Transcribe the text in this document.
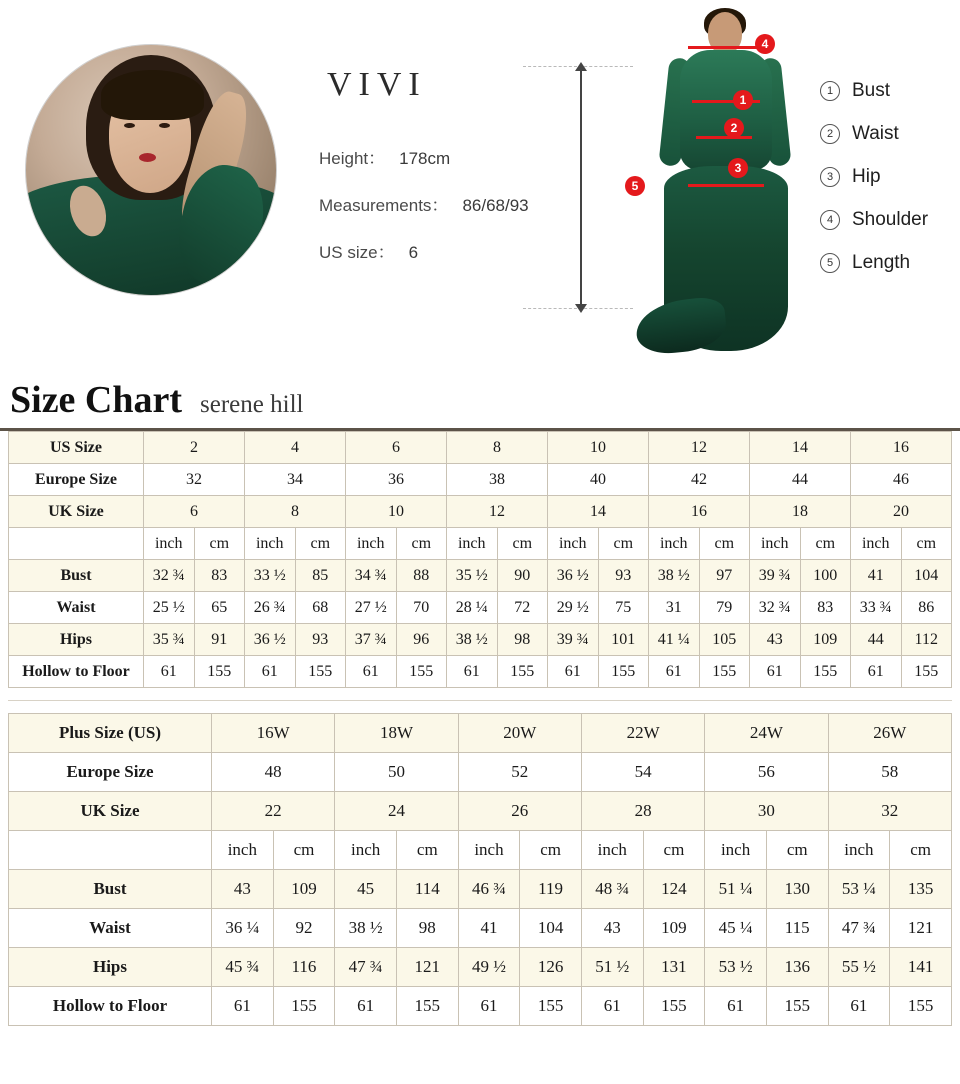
VIVI
Height： 178cm
Measurements： 86/68/93
US size： 6
1
2
3
4
5
1 Bust
2 Waist
3 Hip
4 Shoulder
5 Length
Size Chart serene hill
US Size	2		4		6		8		10		12		14		16	
Europe Size	32		34		36		38		40		42		44		46	
UK Size	6		8		10		12		14		16		18		20	
	inch	cm	inch	cm	inch	cm	inch	cm	inch	cm	inch	cm	inch	cm	inch	cm
Bust	32 ¾	83	33 ½	85	34 ¾	88	35 ½	90	36 ½	93	38 ½	97	39 ¾	100	41	104
Waist	25 ½	65	26 ¾	68	27 ½	70	28 ¼	72	29 ½	75	31	79	32 ¾	83	33 ¾	86
Hips	35 ¾	91	36 ½	93	37 ¾	96	38 ½	98	39 ¾	101	41 ¼	105	43	109	44	112
Hollow to Floor	61	155	61	155	61	155	61	155	61	155	61	155	61	155	61	155
Plus Size (US)	16W		18W		20W		22W		24W		26W	
Europe Size	48		50		52		54		56		58	
UK Size	22		24		26		28		30		32	
	inch	cm	inch	cm	inch	cm	inch	cm	inch	cm	inch	cm
Bust	43	109	45	114	46 ¾	119	48 ¾	124	51 ¼	130	53 ¼	135
Waist	36 ¼	92	38 ½	98	41	104	43	109	45 ¼	115	47 ¾	121
Hips	45 ¾	116	47 ¾	121	49 ½	126	51 ½	131	53 ½	136	55 ½	141
Hollow to Floor	61	155	61	155	61	155	61	155	61	155	61	155
